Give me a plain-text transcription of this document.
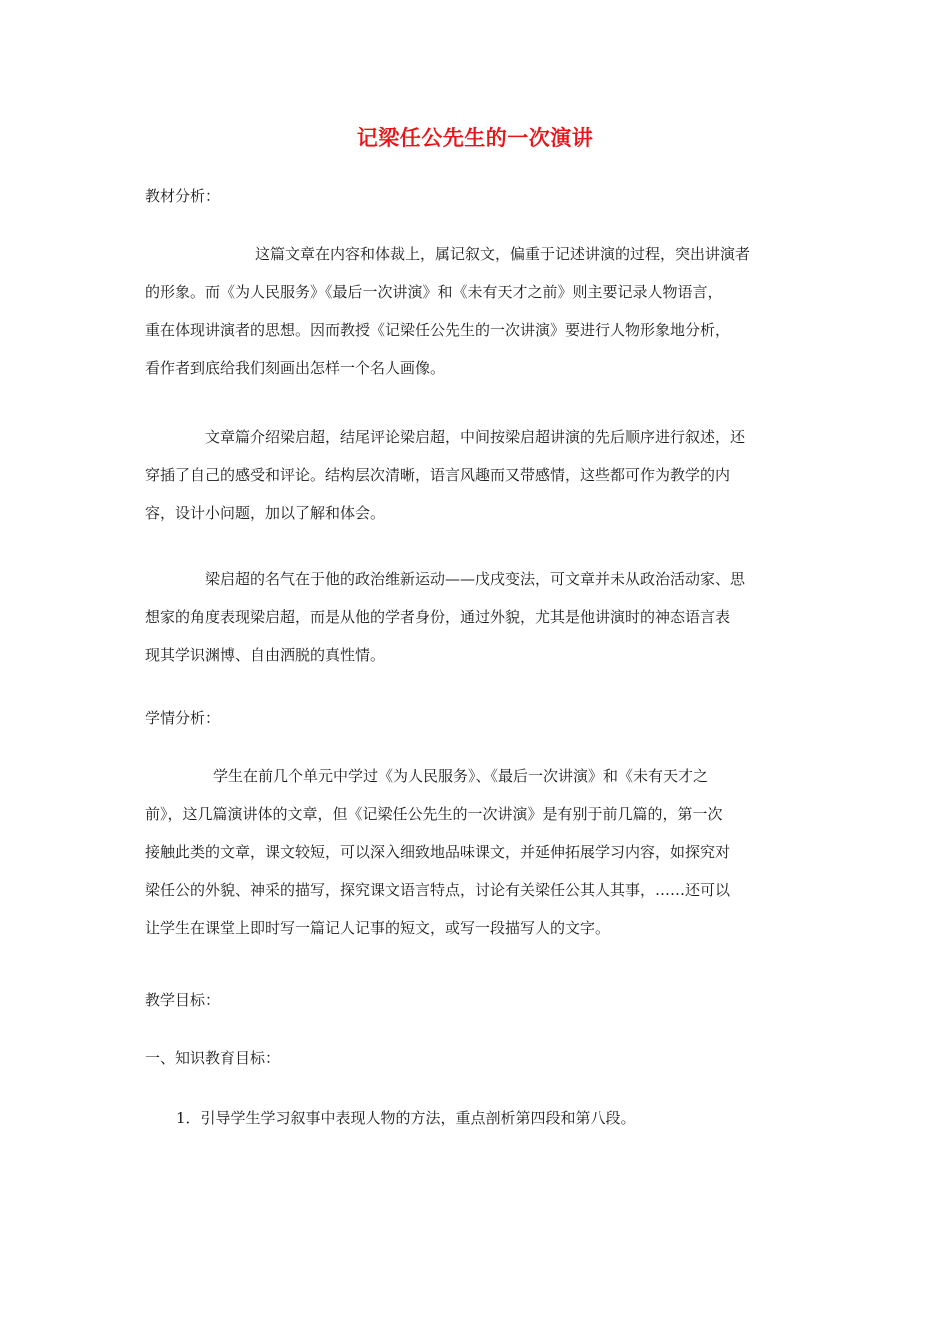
记梁任公先生的一次演讲
教材分析：
这篇文章在内容和体裁上，属记叙文，偏重于记述讲演的过程，突出讲演者
的形象。而《为人民服务》《最后一次讲演》和《未有天才之前》则主要记录人物语言，
重在体现讲演者的思想。因而教授《记梁任公先生的一次讲演》要进行人物形象地分析，
看作者到底给我们刻画出怎样一个名人画像。
文章篇介绍梁启超，结尾评论梁启超，中间按梁启超讲演的先后顺序进行叙述，还
穿插了自己的感受和评论。结构层次清晰，语言风趣而又带感情，这些都可作为教学的内
容，设计小问题，加以了解和体会。
梁启超的名气在于他的政治维新运动——戊戌变法，可文章并未从政治活动家、思
想家的角度表现梁启超，而是从他的学者身份，通过外貌，尤其是他讲演时的神态语言表
现其学识渊博、自由洒脱的真性情。
学情分析：
学生在前几个单元中学过《为人民服务》、《最后一次讲演》和《未有天才之
前》，这几篇演讲体的文章，但《记梁任公先生的一次讲演》是有别于前几篇的，第一次
接触此类的文章，课文较短，可以深入细致地品味课文，并延伸拓展学习内容，如探究对
梁任公的外貌、神采的描写，探究课文语言特点，讨论有关梁任公其人其事，……还可以
让学生在课堂上即时写一篇记人记事的短文，或写一段描写人的文字。
教学目标：
一、知识教育目标：
1．引导学生学习叙事中表现人物的方法，重点剖析第四段和第八段。
